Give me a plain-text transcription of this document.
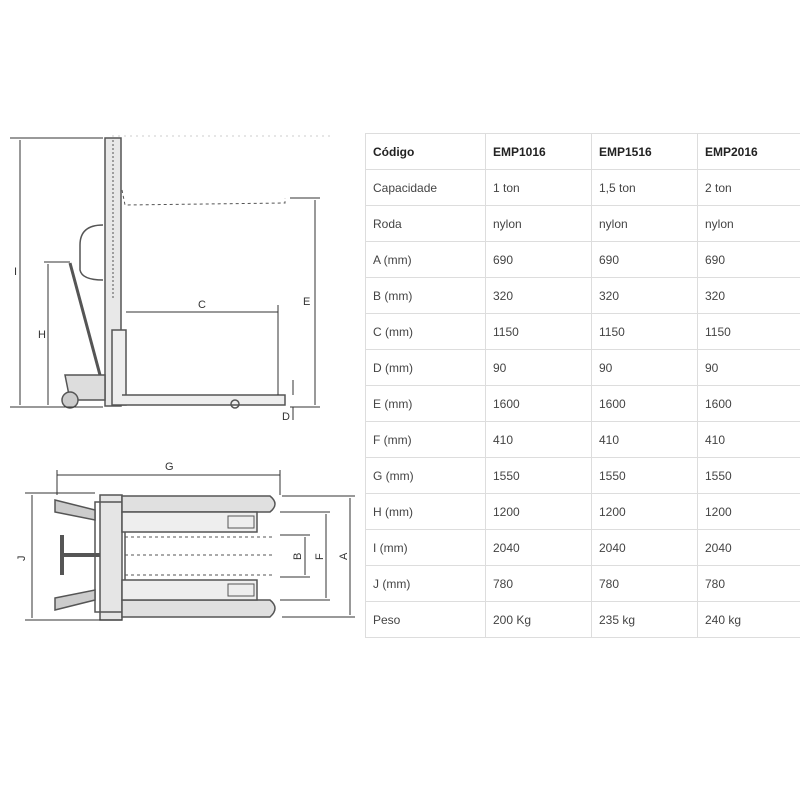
I
H
C	E
D
G
J	B F A
Código	EMP1016	EMP1516	EMP2016
Capacidade	1 ton	1,5 ton	2 ton
Roda	nylon	nylon	nylon
A (mm)	690	690	690
B (mm)	320	320	320
C (mm)	1150	1150	1150
D (mm)	90	90	90
E (mm)	1600	1600	1600
F (mm)	410	410	410
G (mm)	1550	1550	1550
H (mm)	1200	1200	1200
I (mm)	2040	2040	2040
J (mm)	780	780	780
Peso	200 Kg	235 kg	240 kg
